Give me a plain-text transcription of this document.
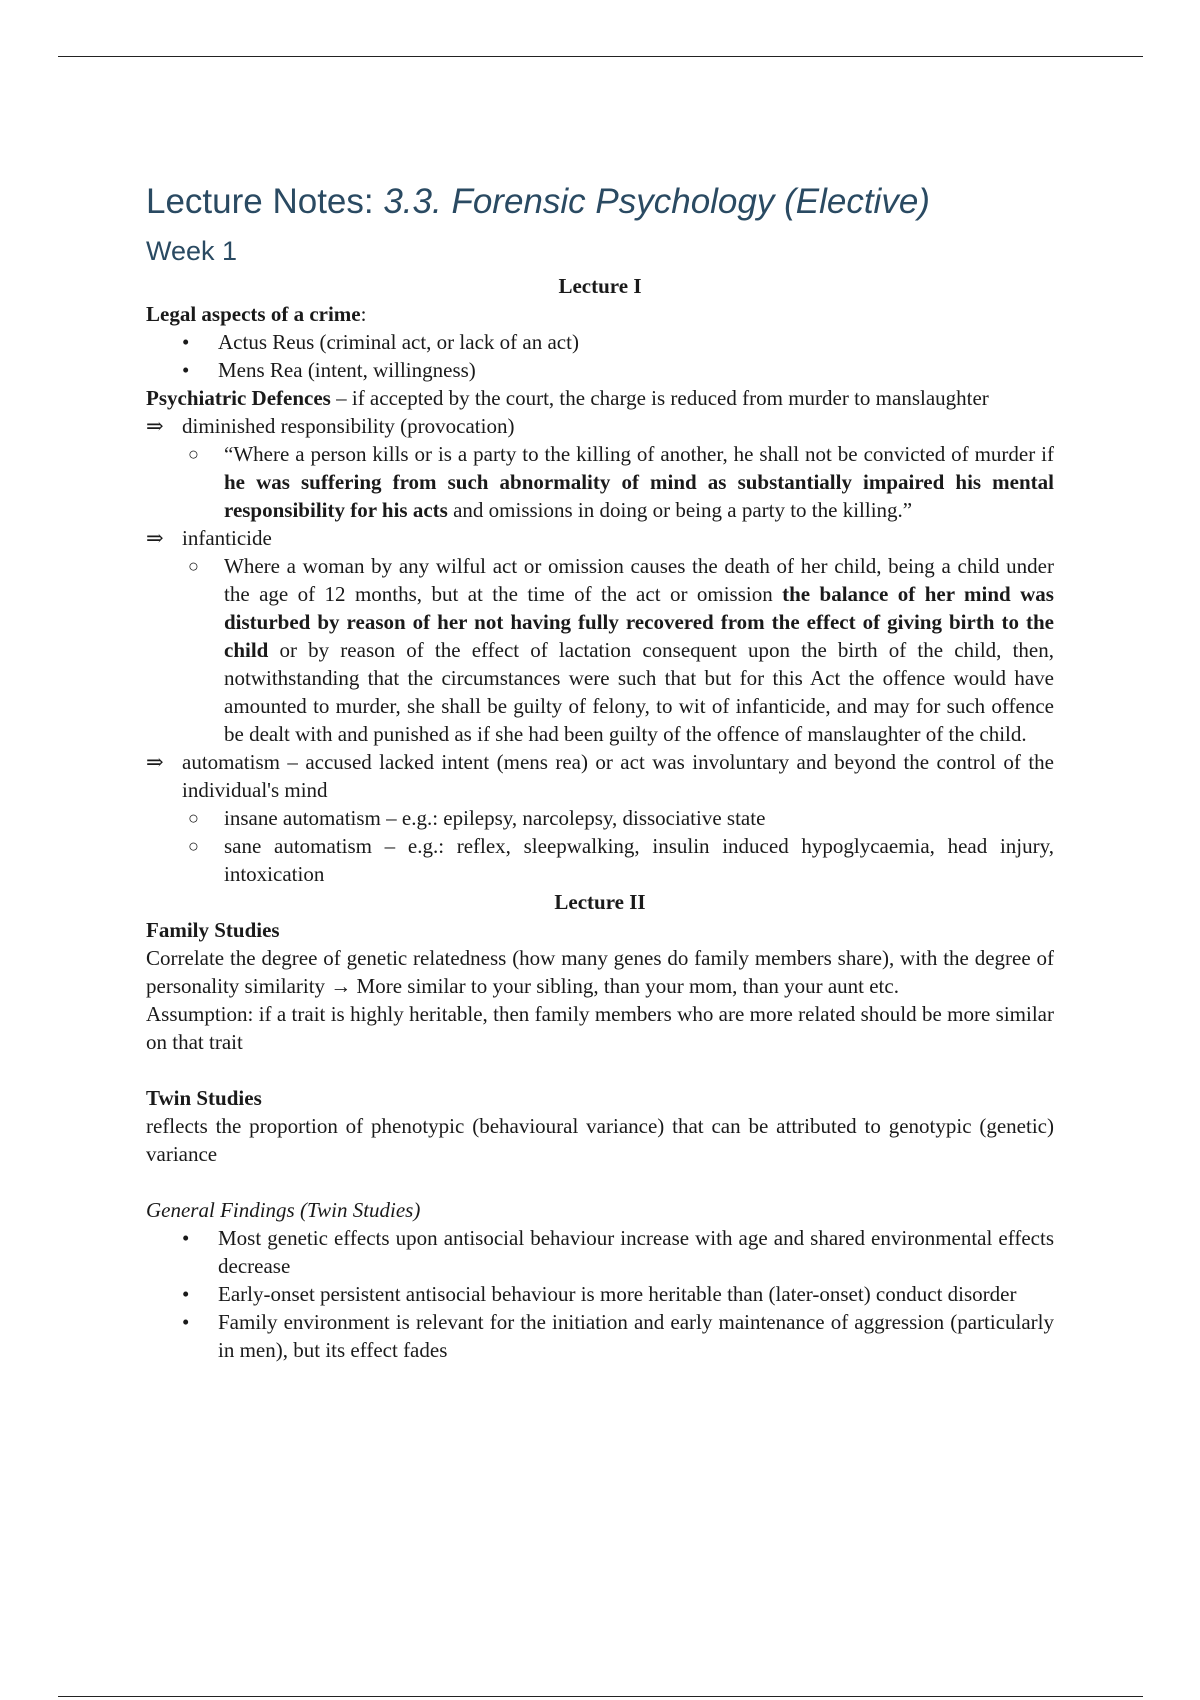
Lecture Notes: 3.3. Forensic Psychology (Elective)
Week 1
Lecture I
Legal aspects of a crime:
• Actus Reus (criminal act, or lack of an act)
• Mens Rea (intent, willingness)
Psychiatric Defences – if accepted by the court, the charge is reduced from murder to manslaughter
⇒ diminished responsibility (provocation)
○ “Where a person kills or is a party to the killing of another, he shall not be convicted of murder if he was suffering from such abnormality of mind as substantially impaired his mental responsibility for his acts and omissions in doing or being a party to the killing.”
⇒ infanticide
○ Where a woman by any wilful act or omission causes the death of her child, being a child under the age of 12 months, but at the time of the act or omission the balance of her mind was disturbed by reason of her not having fully recovered from the effect of giving birth to the child or by reason of the effect of lactation consequent upon the birth of the child, then, notwithstanding that the circumstances were such that but for this Act the offence would have amounted to murder, she shall be guilty of felony, to wit of infanticide, and may for such offence be dealt with and punished as if she had been guilty of the offence of manslaughter of the child.
⇒ automatism – accused lacked intent (mens rea) or act was involuntary and beyond the control of the individual's mind
○ insane automatism – e.g.: epilepsy, narcolepsy, dissociative state
○ sane automatism – e.g.: reflex, sleepwalking, insulin induced hypoglycaemia, head injury, intoxication
Lecture II
Family Studies
Correlate the degree of genetic relatedness (how many genes do family members share), with the degree of personality similarity → More similar to your sibling, than your mom, than your aunt etc.
Assumption: if a trait is highly heritable, then family members who are more related should be more similar on that trait
Twin Studies
reflects the proportion of phenotypic (behavioural variance) that can be attributed to genotypic (genetic) variance
General Findings (Twin Studies)
• Most genetic effects upon antisocial behaviour increase with age and shared environmental effects decrease
• Early-onset persistent antisocial behaviour is more heritable than (later-onset) conduct disorder
• Family environment is relevant for the initiation and early maintenance of aggression (particularly in men), but its effect fades
